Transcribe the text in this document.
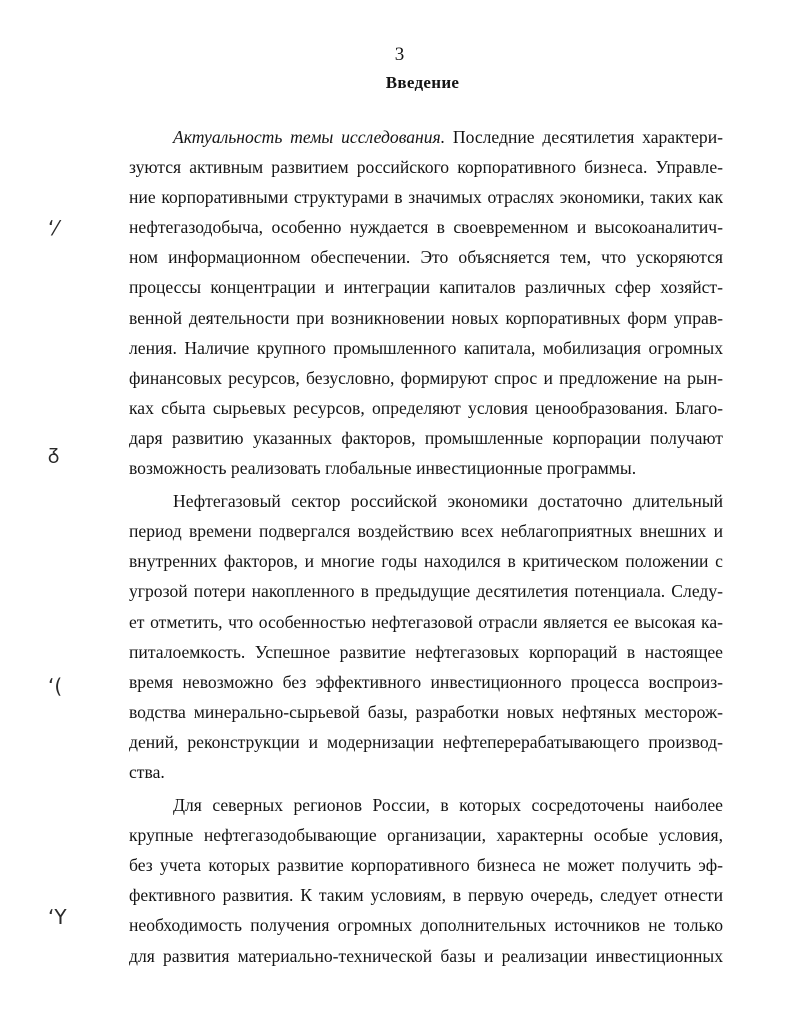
3
Введение
ʻ⁄
ᵹ
ʻ(
ʻY
Актуальность темы исследования. Последние десятилетия характери-
зуются активным развитием российского корпоративного бизнеса. Управле-
ние корпоративными структурами в значимых отраслях экономики, таких как
нефтегазодобыча, особенно нуждается в своевременном и высокоаналитич-
ном информационном обеспечении. Это объясняется тем, что ускоряются
процессы концентрации и интеграции капиталов различных сфер хозяйст-
венной деятельности при возникновении новых корпоративных форм управ-
ления. Наличие крупного промышленного капитала, мобилизация огромных
финансовых ресурсов, безусловно, формируют спрос и предложение на рын-
ках сбыта сырьевых ресурсов, определяют условия ценообразования. Благо-
даря развитию указанных факторов, промышленные корпорации получают
возможность реализовать глобальные инвестиционные программы.
Нефтегазовый сектор российской экономики достаточно длительный
период времени подвергался воздействию всех неблагоприятных внешних и
внутренних факторов, и многие годы находился в критическом положении с
угрозой потери накопленного в предыдущие десятилетия потенциала. Следу-
ет отметить, что особенностью нефтегазовой отрасли является ее высокая ка-
питалоемкость. Успешное развитие нефтегазовых корпораций в настоящее
время невозможно без эффективного инвестиционного процесса воспроиз-
водства минерально-сырьевой базы, разработки новых нефтяных месторож-
дений, реконструкции и модернизации нефтеперерабатывающего производ-
ства.
Для северных регионов России, в которых сосредоточены наиболее
крупные нефтегазодобывающие организации, характерны особые условия,
без учета которых развитие корпоративного бизнеса не может получить эф-
фективного развития. К таким условиям, в первую очередь, следует отнести
необходимость получения огромных дополнительных источников не только
для развития материально-технической базы и реализации инвестиционных
